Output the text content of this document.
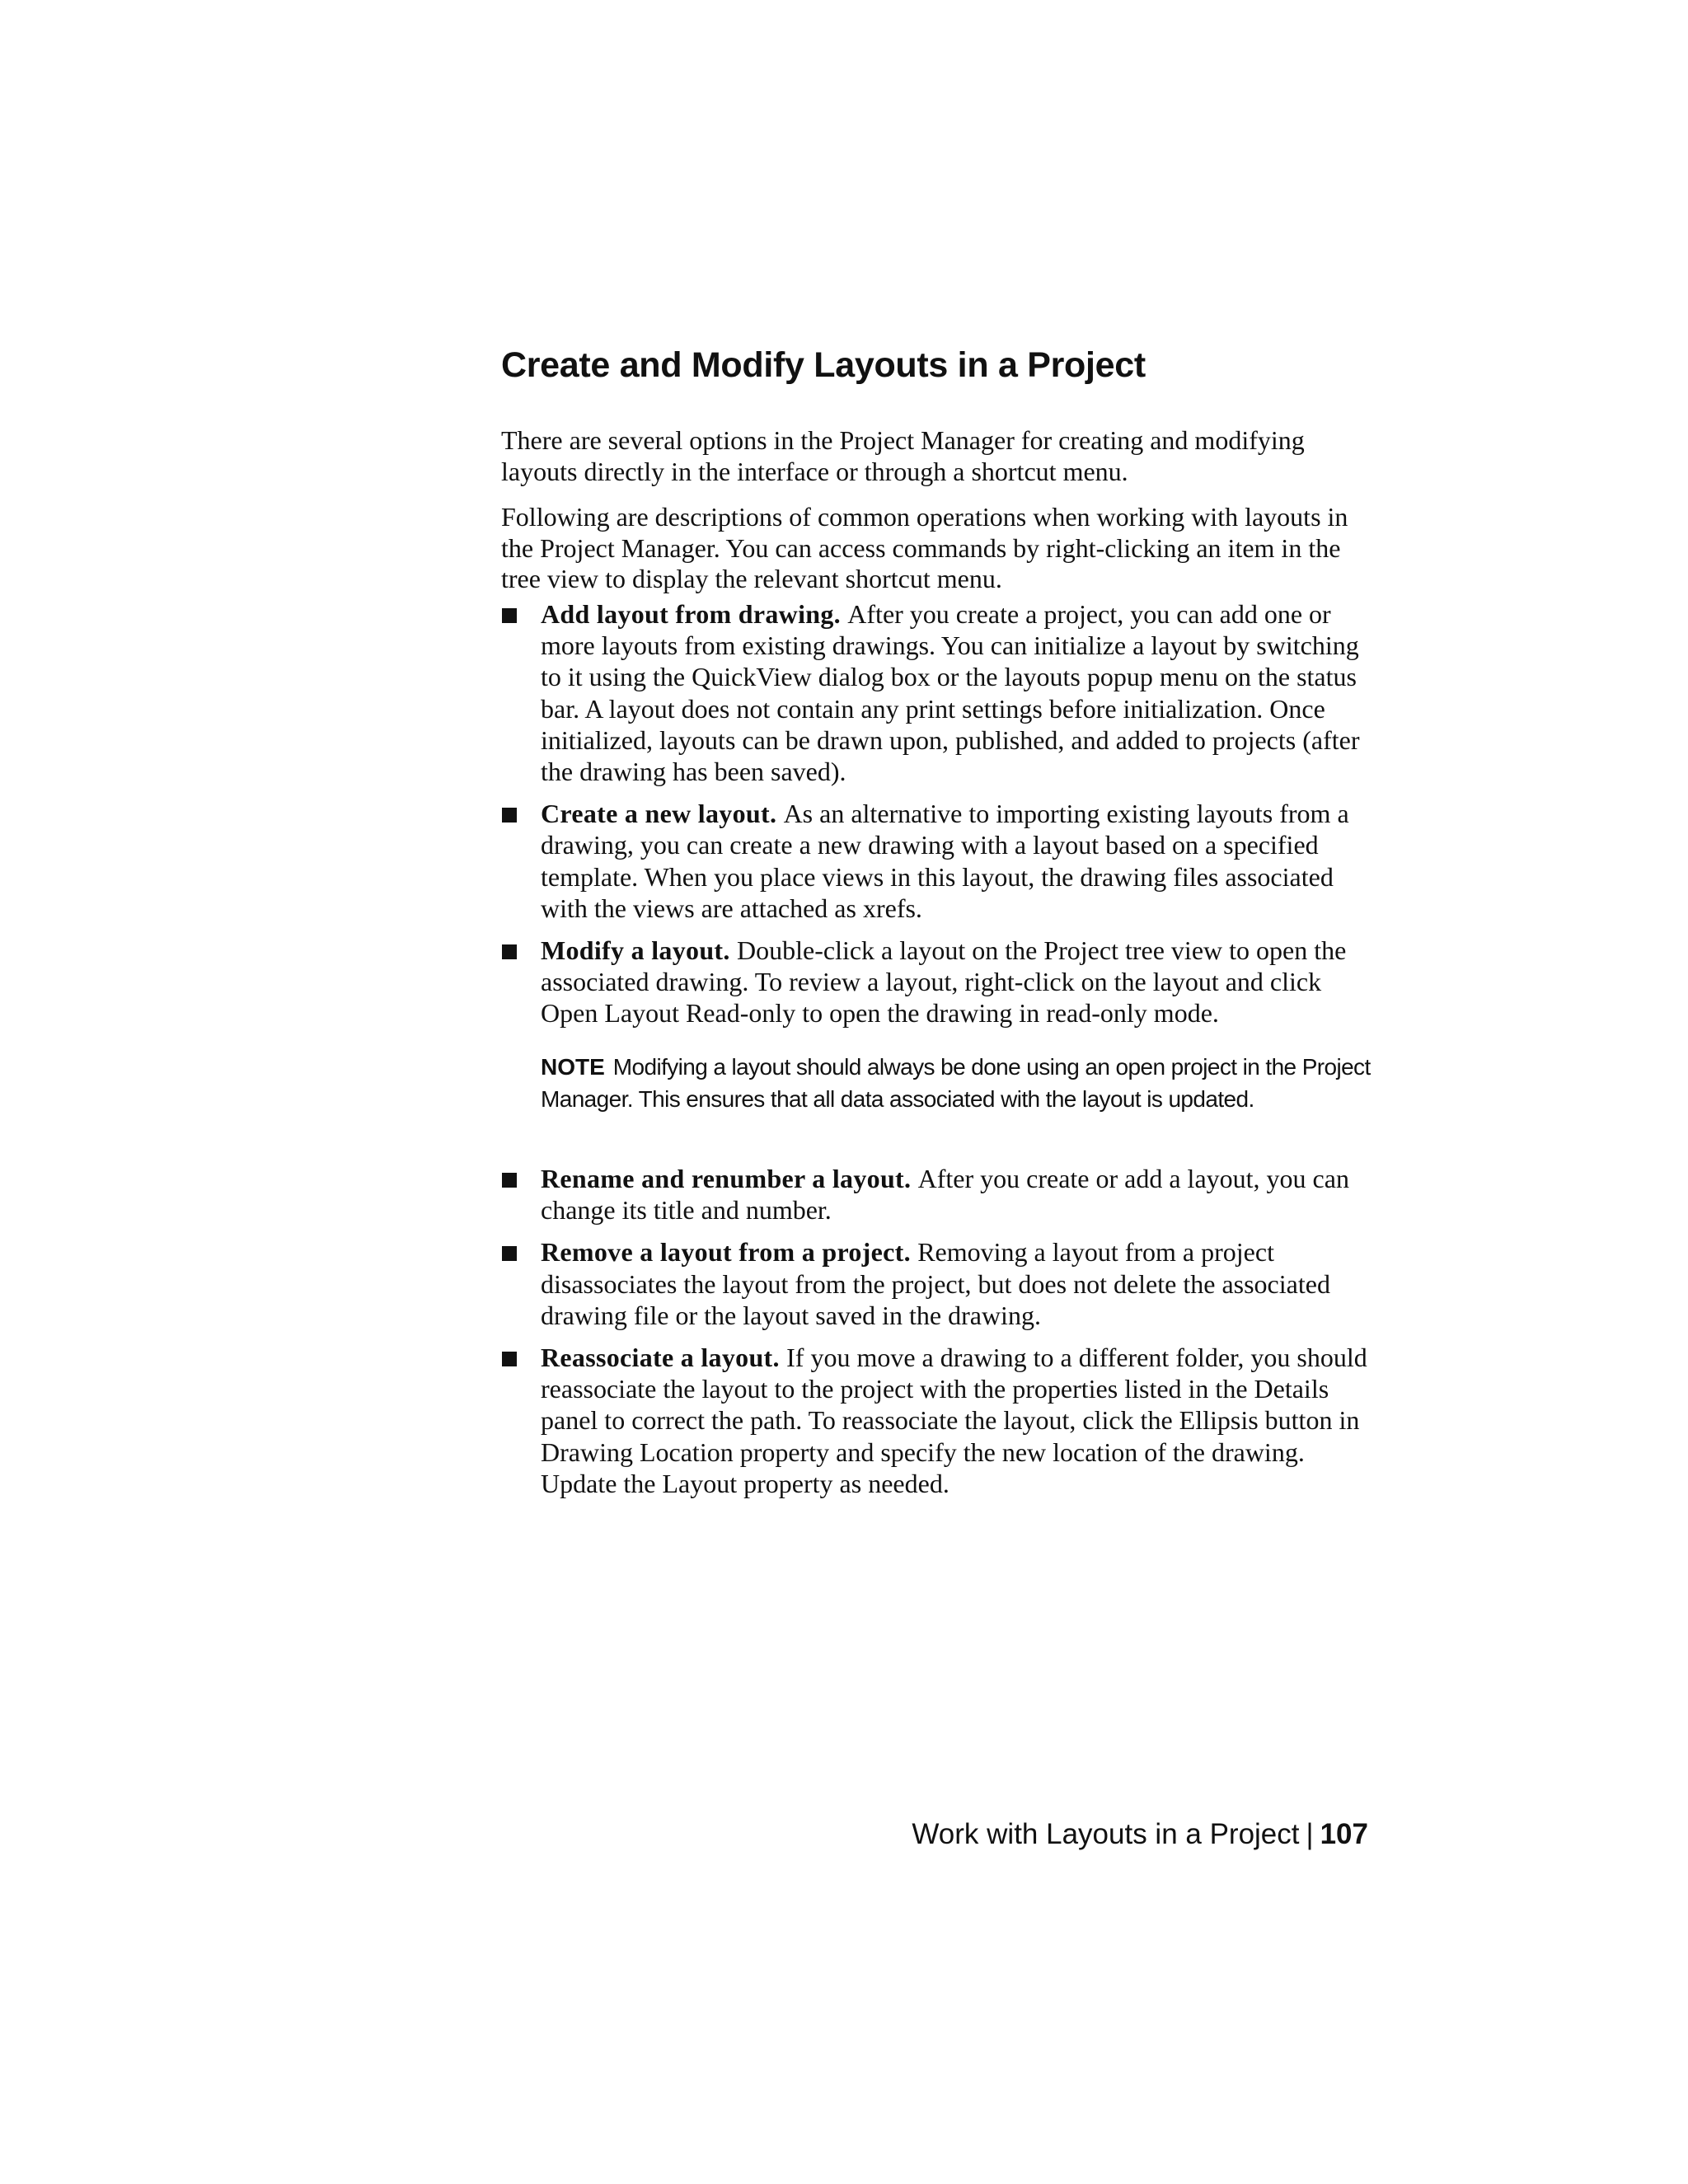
Create and Modify Layouts in a Project

There are several options in the Project Manager for creating and modifying layouts directly in the interface or through a shortcut menu.

Following are descriptions of common operations when working with layouts in the Project Manager. You can access commands by right-clicking an item in the tree view to display the relevant shortcut menu.

Add layout from drawing. After you create a project, you can add one or more layouts from existing drawings. You can initialize a layout by switching to it using the QuickView dialog box or the layouts popup menu on the status bar. A layout does not contain any print settings before initialization. Once initialized, layouts can be drawn upon, published, and added to projects (after the drawing has been saved).
Create a new layout. As an alternative to importing existing layouts from a drawing, you can create a new drawing with a layout based on a specified template. When you place views in this layout, the drawing files associated with the views are attached as xrefs.
Modify a layout. Double-click a layout on the Project tree view to open the associated drawing. To review a layout, right-click on the layout and click Open Layout Read-only to open the drawing in read-only mode.

NOTE Modifying a layout should always be done using an open project in the Project Manager. This ensures that all data associated with the layout is updated.

Rename and renumber a layout. After you create or add a layout, you can change its title and number.
Remove a layout from a project. Removing a layout from a project disassociates the layout from the project, but does not delete the associated drawing file or the layout saved in the drawing.
Reassociate a layout. If you move a drawing to a different folder, you should reassociate the layout to the project with the properties listed in the Details panel to correct the path. To reassociate the layout, click the Ellipsis button in Drawing Location property and specify the new location of the drawing. Update the Layout property as needed.
Work with Layouts in a Project | 107
